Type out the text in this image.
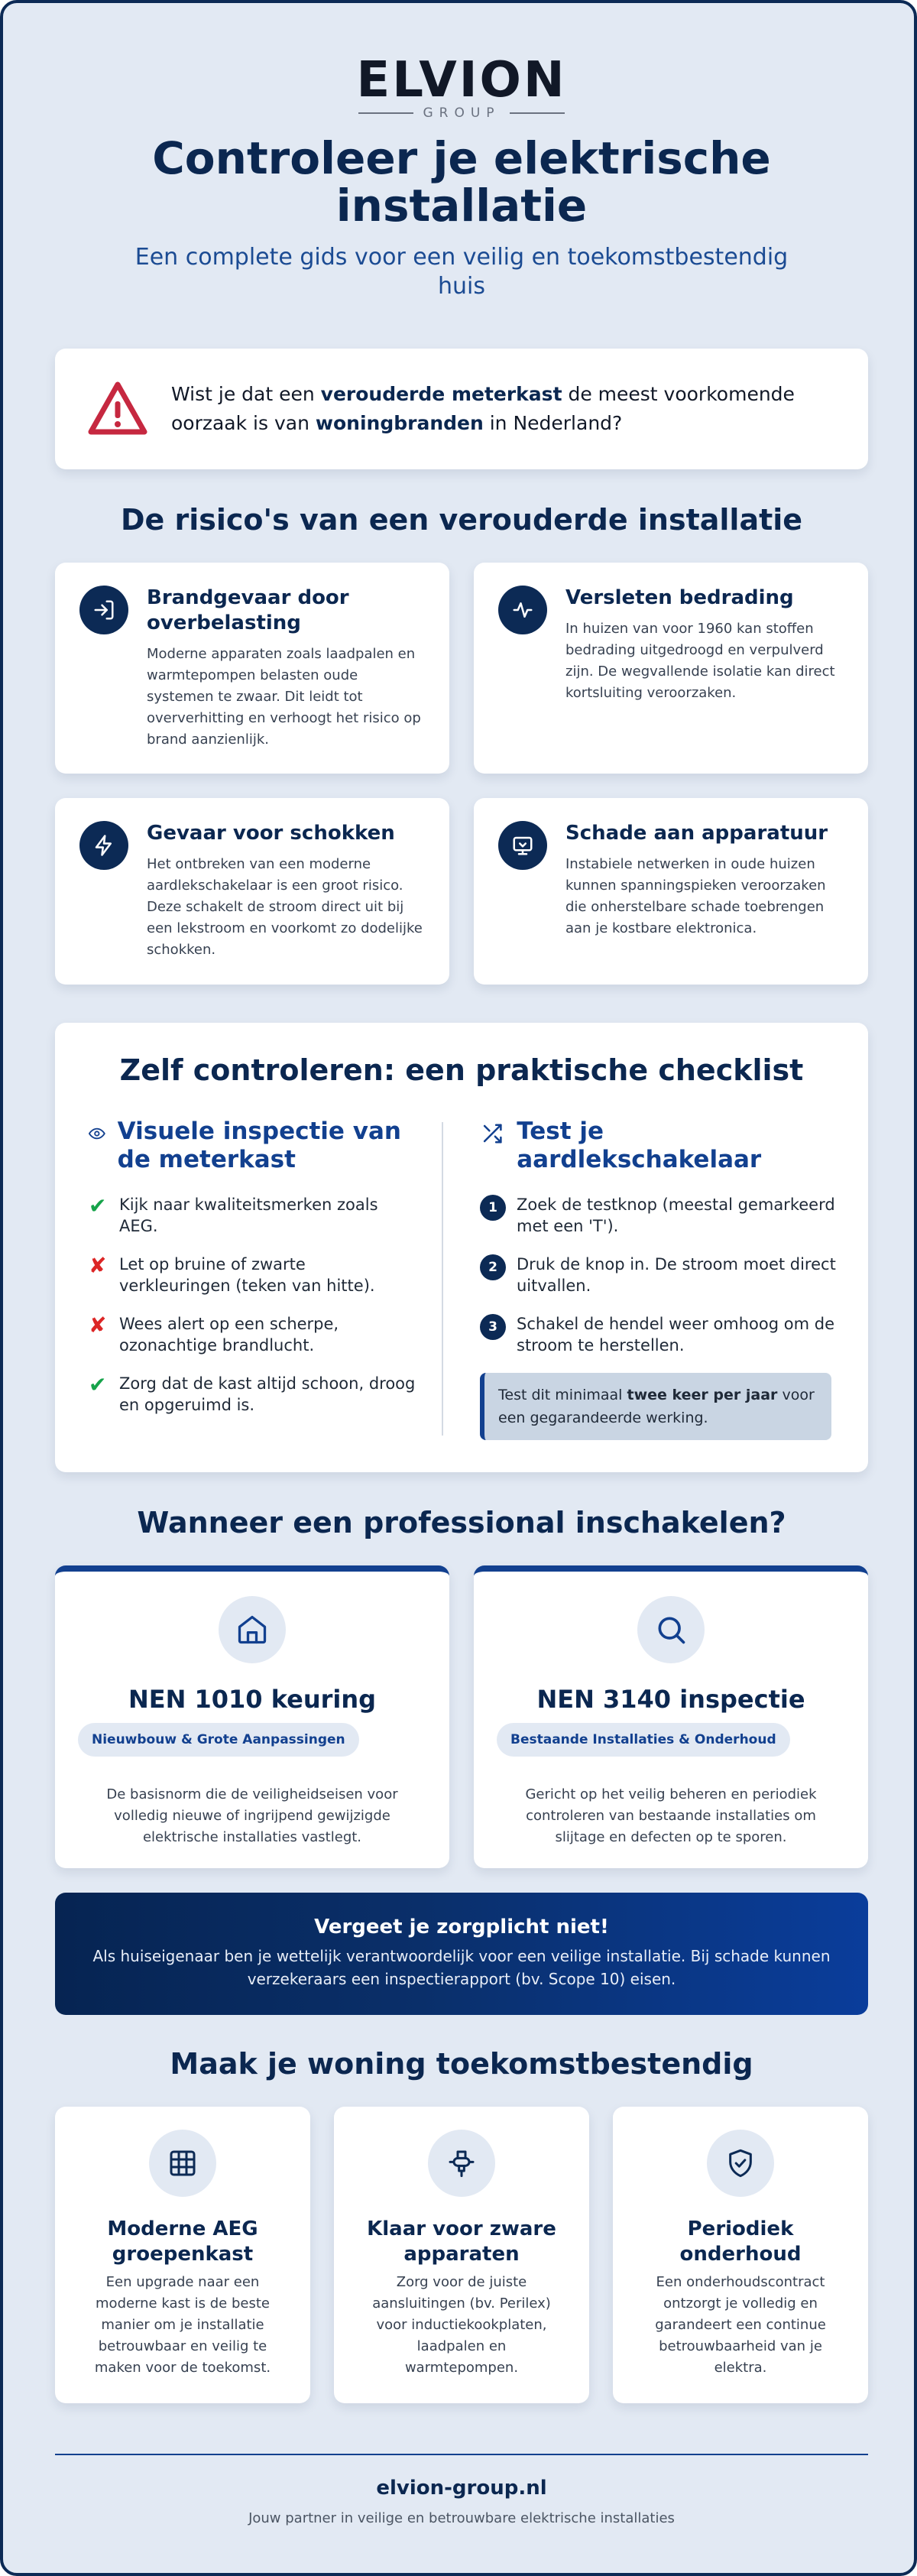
ELVION
GROUP
Controleer je elektrische installatie
Een complete gids voor een veilig en toekomstbestendig huis
Wist je dat een verouderde meterkast de meest voorkomende oorzaak is van woningbranden in Nederland?
De risico's van een verouderde installatie
Brandgevaar door overbelasting

Moderne apparaten zoals laadpalen en warmtepompen belasten oude systemen te zwaar. Dit leidt tot oververhitting en verhoogt het risico op brand aanzienlijk.

Versleten bedrading

In huizen van voor 1960 kan stoffen bedrading uitgedroogd en verpulverd zijn. De wegvallende isolatie kan direct kortsluiting veroorzaken.

Gevaar voor schokken

Het ontbreken van een moderne aardlekschakelaar is een groot risico. Deze schakelt de stroom direct uit bij een lekstroom en voorkomt zo dodelijke schokken.

Schade aan apparatuur

Instabiele netwerken in oude huizen kunnen spanningspieken veroorzaken die onherstelbare schade toebrengen aan je kostbare elektronica.

Zelf controleren: een praktische checklist
Visuele inspectie van de meterkast
✔ Kijk naar kwaliteitsmerken zoals AEG.
✘ Let op bruine of zwarte verkleuringen (teken van hitte).
✘ Wees alert op een scherpe, ozonachtige brandlucht.
✔ Zorg dat de kast altijd schoon, droog en opgeruimd is.
Test je aardlekschakelaar
1	Zoek de testknop (meestal gemarkeerd met een 'T').
2	Druk de knop in. De stroom moet direct uitvallen.
3	Schakel de hendel weer omhoog om de stroom te herstellen.
Test dit minimaal twee keer per jaar voor een gegarandeerde werking.
Wanneer een professional inschakelen?
NEN 1010 keuring
Nieuwbouw & Grote Aanpassingen

De basisnorm die de veiligheidseisen voor volledig nieuwe of ingrijpend gewijzigde elektrische installaties vastlegt.

NEN 3140 inspectie
Bestaande Installaties & Onderhoud

Gericht op het veilig beheren en periodiek controleren van bestaande installaties om slijtage en defecten op te sporen.

Vergeet je zorgplicht niet!

Als huiseigenaar ben je wettelijk verantwoordelijk voor een veilige installatie. Bij schade kunnen verzekeraars een inspectierapport (bv. Scope 10) eisen.

Maak je woning toekomstbestendig
Moderne AEG groepenkast

Een upgrade naar een moderne kast is de beste manier om je installatie betrouwbaar en veilig te maken voor de toekomst.

Klaar voor zware apparaten

Zorg voor de juiste aansluitingen (bv. Perilex) voor inductiekookplaten, laadpalen en warmtepompen.

Periodiek onderhoud

Een onderhoudscontract ontzorgt je volledig en garandeert een continue betrouwbaarheid van je elektra.

elvion-group.nl
Jouw partner in veilige en betrouwbare elektrische installaties
